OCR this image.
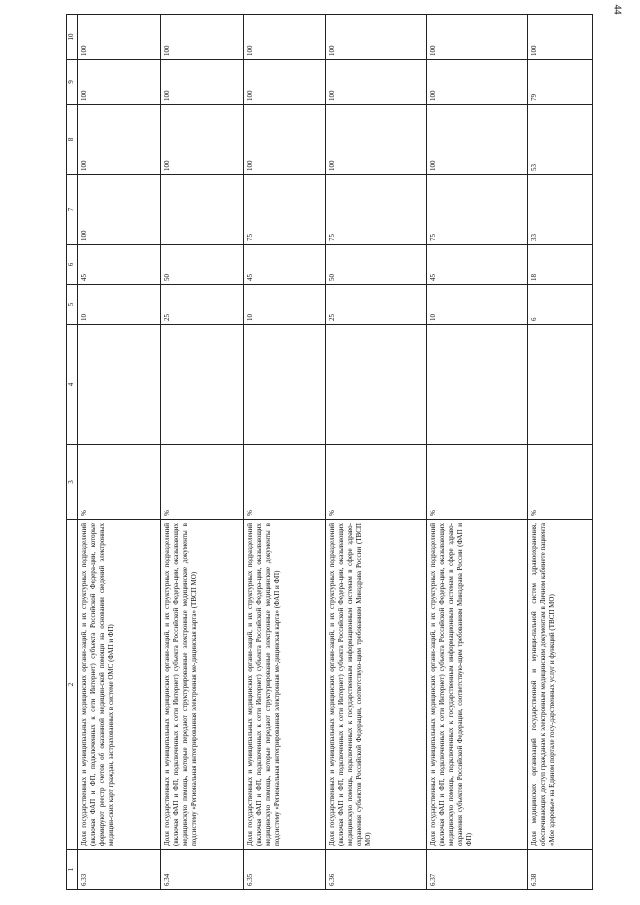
44
1	2	3	4	5	6	7	8	9	10
6.33	Доля государственных и муниципальных медицинских органи-заций, и их структурных подразделений (включая ФАП и ФП, подключенных к сети Интернет) субъекта Российской Федера-ции, которые формируют реестр счетов об оказанной медицин-ской помощи на основании сведений электронных медицин-ских карт граждан, застрахованных в системе ОМС (ФАП и ФП)	%		10	45	100	100	100	100
6.34	Доля государственных и муниципальных медицинских органи-заций, и их структурных подразделений (включая ФАП и ФП, подключенных к сети Интернет) субъекта Российской Федера-ции, оказывающих медицинскую помощь, которые передают структурированные электронные медицинские документы в подсистему «Региональная интегрированная электронная ме-дицинская карта» (ТВСП МО)	%		25	50		100	100	100
6.35	Доля государственных и муниципальных медицинских органи-заций, и их структурных подразделений (включая ФАП и ФП, подключенных к сети Интернет) субъекта Российской Федера-ции, оказывающих медицинскую помощь, которые передают структурированные электронные медицинские документы в подсистему «Региональная интегрированная электронная ме-дицинская карта» (ФАП и ФП)	%		10	45	75	100	100	100
6.36	Доля государственных и муниципальных медицинских органи-заций, и их структурных подразделений (включая ФАП и ФП, подключенных к сети Интернет) субъекта Российской Федера-ции, оказывающих медицинскую помощь, подключенных к государственным информационным системам в сфере здраво-охранения субъектов Российской Федерации, соответствую-щим требованиям Минздрава России (ТВСП МО)	%		25	50	75	100	100	100
6.37	Доля государственных и муниципальных медицинских органи-заций, и их структурных подразделений (включая ФАП и ФП, подключенных к сети Интернет) субъекта Российской Федера-ции, оказывающих медицинскую помощь, подключенных к государственным информационным системам в сфере здраво-охранения субъектов Российской Федерации, соответствую-щим требованиям Минздрава России (ФАП и ФП)	%		10	45	75	100	100	100
6.38	Доля медицинских организаций государственной и муници-пальной систем здравоохранения, обеспечивающих доступ гражданам к электронным медицинским документам в Личном кабинете пациента «Мое здоровье» на Едином портале госу-дарственных услуг и функций (ТВСП МО)	%		6	18	33	53	79	100
